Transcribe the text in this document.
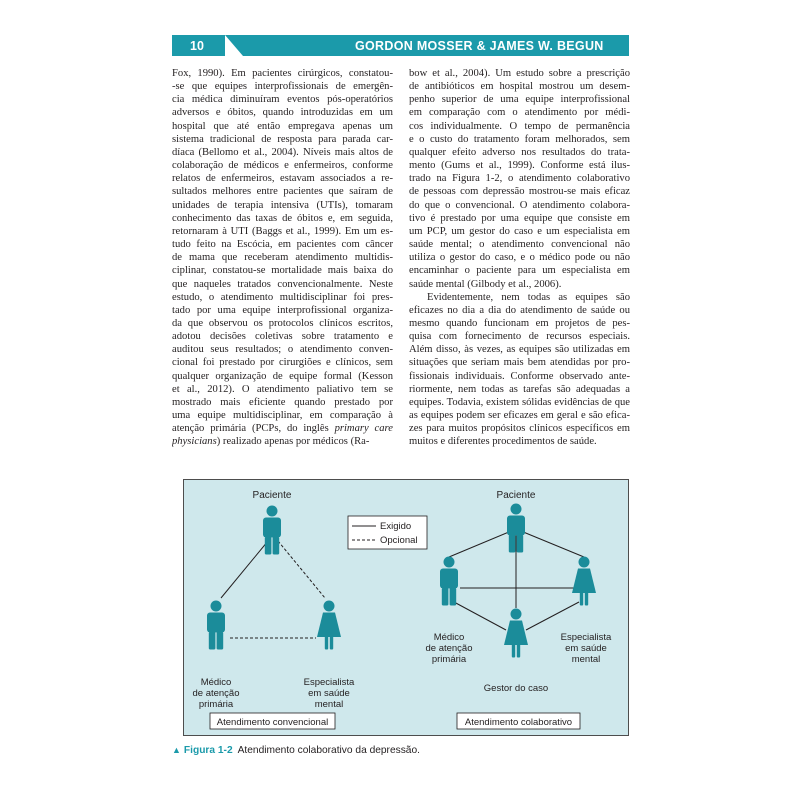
10	GORDON MOSSER & JAMES W. BEGUN
Fox, 1990). Em pacientes cirúrgicos, constatou-
-se que equipes interprofissionais de emergên-
cia médica diminuíram eventos pós-operatórios
adversos e óbitos, quando introduzidas em um
hospital que até então empregava apenas um
sistema tradicional de resposta para parada car-
díaca (Bellomo et al., 2004). Níveis mais altos de
colaboração de médicos e enfermeiros, conforme
relatos de enfermeiros, estavam associados a re-
sultados melhores entre pacientes que saíram de
unidades de terapia intensiva (UTIs), tomaram
conhecimento das taxas de óbitos e, em seguida,
retornaram à UTI (Baggs et al., 1999). Em um es-
tudo feito na Escócia, em pacientes com câncer
de mama que receberam atendimento multidis-
ciplinar, constatou-se mortalidade mais baixa do
que naqueles tratados convencionalmente. Neste
estudo, o atendimento multidisciplinar foi pres-
tado por uma equipe interprofissional organiza-
da que observou os protocolos clínicos escritos,
adotou decisões coletivas sobre tratamento e
auditou seus resultados; o atendimento conven-
cional foi prestado por cirurgiões e clínicos, sem
qualquer organização de equipe formal (Kesson
et al., 2012). O atendimento paliativo tem se
mostrado mais eficiente quando prestado por
uma equipe multidisciplinar, em comparação à
atenção primária (PCPs, do inglês primary care
physicians) realizado apenas por médicos (Ra-
bow et al., 2004). Um estudo sobre a prescrição
de antibióticos em hospital mostrou um desem-
penho superior de uma equipe interprofissional
em comparação com o atendimento por médi-
cos individualmente. O tempo de permanência
e o custo do tratamento foram melhorados, sem
qualquer efeito adverso nos resultados do trata-
mento (Gums et al., 1999). Conforme está ilus-
trado na Figura 1-2, o atendimento colaborativo
de pessoas com depressão mostrou-se mais eficaz
do que o convencional. O atendimento colabora-
tivo é prestado por uma equipe que consiste em
um PCP, um gestor do caso e um especialista em
saúde mental; o atendimento convencional não
utiliza o gestor do caso, e o médico pode ou não
encaminhar o paciente para um especialista em
saúde mental (Gilbody et al., 2006).
Evidentemente, nem todas as equipes são
eficazes no dia a dia do atendimento de saúde ou
mesmo quando funcionam em projetos de pes-
quisa com fornecimento de recursos especiais.
Além disso, às vezes, as equipes são utilizadas em
situações que seriam mais bem atendidas por pro-
fissionais individuais. Conforme observado ante-
riormente, nem todas as tarefas são adequadas a
equipes. Todavia, existem sólidas evidências de que
as equipes podem ser eficazes em geral e são efica-
zes para muitos propósitos clínicos específicos em
muitos e diferentes procedimentos de saúde.
Paciente
Médico
de atenção
primária
Especialista
em saúde
mental
Atendimento convencional
Exigido
Opcional
Paciente
Médico
de atenção
primária
Especialista
em saúde
mental
Gestor do caso
Atendimento colaborativo
▲ Figura 1-2 Atendimento colaborativo da depressão.
